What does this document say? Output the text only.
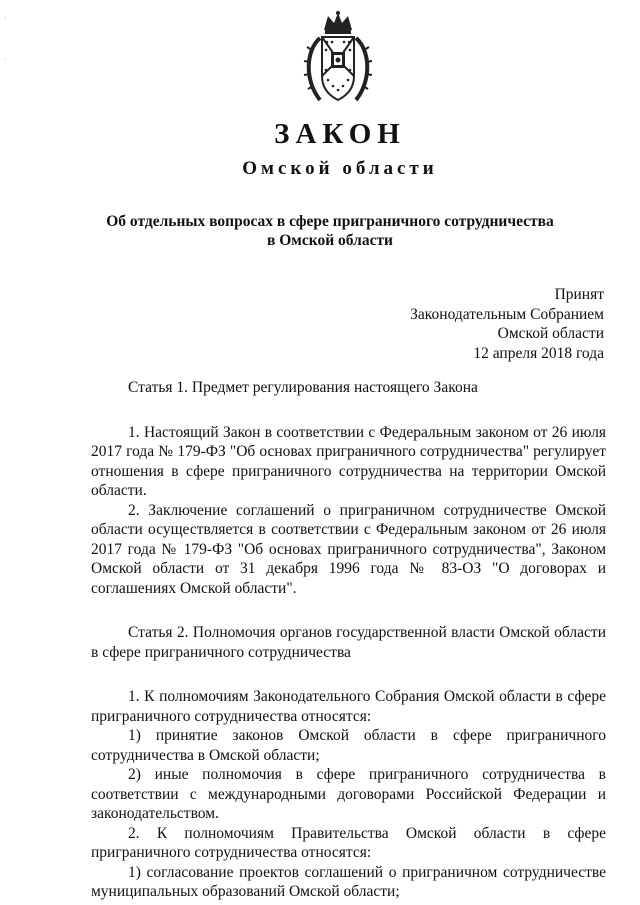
·
·
ЗАКОН
Омской области
Об отдельных вопросах в сфере приграничного сотрудничества
в Омской области
Принят
Законодательным Собранием
Омской области
12 апреля 2018 года

Статья 1. Предмет регулирования настоящего Закона

1. Настоящий Закон в соответствии с Федеральным законом от 26 июля 2017 года № 179-ФЗ "Об основах приграничного сотрудничества" регулирует отношения в сфере приграничного сотрудничества на территории Омской области.

2. Заключение соглашений о приграничном сотрудничестве Омской области осуществляется в соответствии с Федеральным законом от 26 июля 2017 года № 179-ФЗ "Об основах приграничного сотрудничества", Законом Омской области от 31 декабря 1996 года № 83-ОЗ "О договорах и соглашениях Омской области".

Статья 2. Полномочия органов государственной власти Омской области в сфере приграничного сотрудничества

1. К полномочиям Законодательного Собрания Омской области в сфере приграничного сотрудничества относятся:

1) принятие законов Омской области в сфере приграничного сотрудничества в Омской области;

2) иные полномочия в сфере приграничного сотрудничества в соответствии с международными договорами Российской Федерации и законодательством.

2. К полномочиям Правительства Омской области в сфере приграничного сотрудничества относятся:

1) согласование проектов соглашений о приграничном сотрудничестве муниципальных образований Омской области;
